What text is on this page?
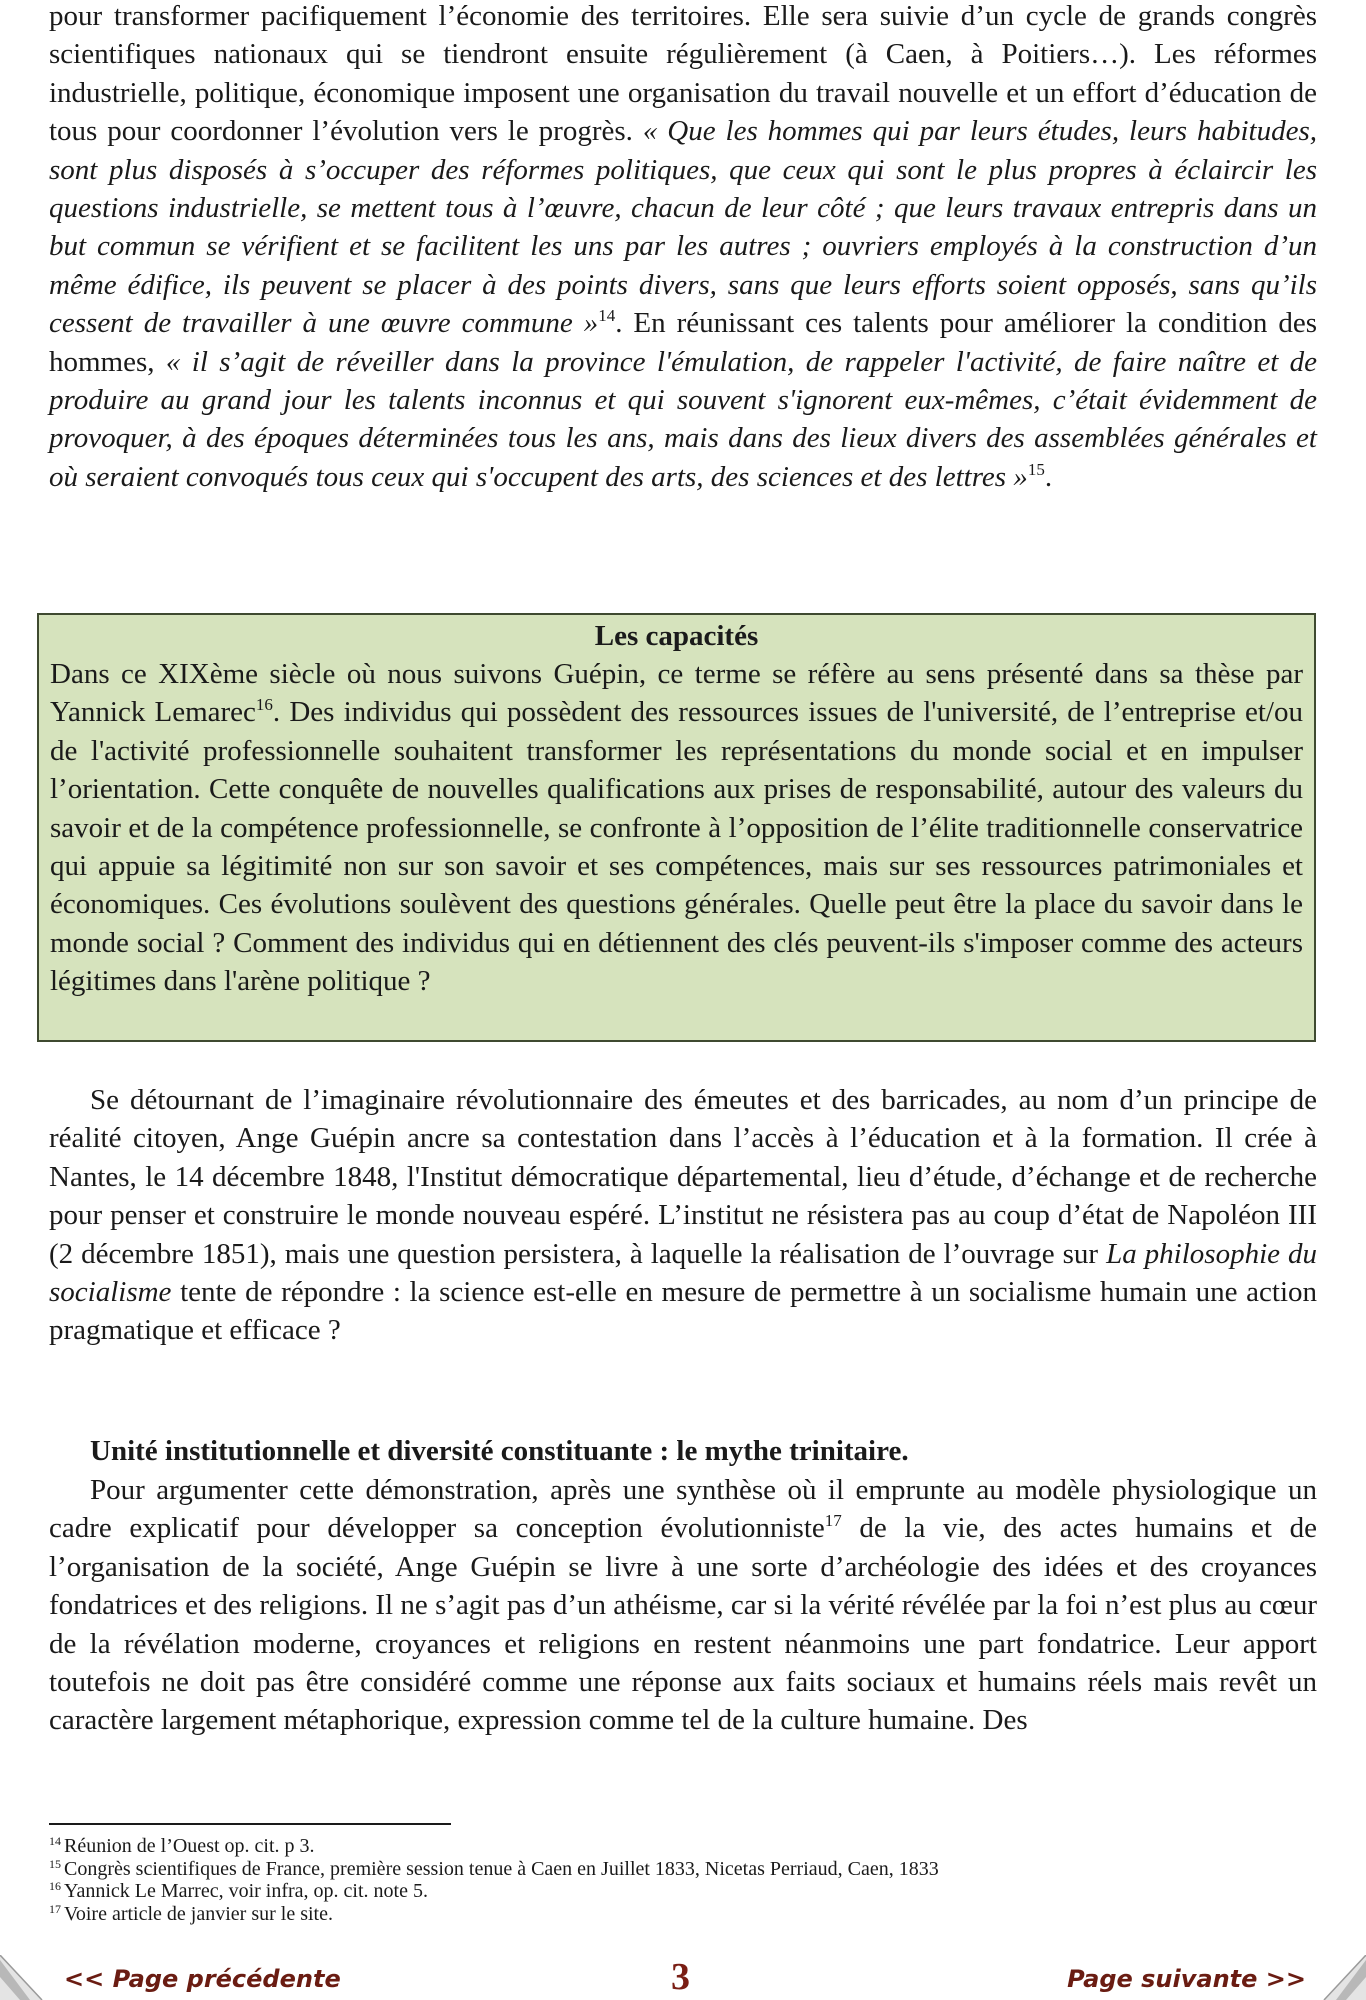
pour transformer pacifiquement l’économie des territoires. Elle sera suivie d’un cycle de grands congrès scientifiques nationaux qui se tiendront ensuite régulièrement (à Caen, à Poitiers…). Les réformes industrielle, politique, économique imposent une organisation du travail nouvelle et un effort d’éducation de tous pour coordonner l’évolution vers le progrès. « Que les hommes qui par leurs études, leurs habitudes, sont plus disposés à s’occuper des réformes politiques, que ceux qui sont le plus propres à éclaircir les questions industrielle, se mettent tous à l’œuvre, chacun de leur côté ; que leurs travaux entrepris dans un but commun se vérifient et se facilitent les uns par les autres ; ouvriers employés à la construction d’un même édifice, ils peuvent se placer à des points divers, sans que leurs efforts soient opposés, sans qu’ils cessent de travailler à une œuvre commune »$^{14}$. En réunissant ces talents pour améliorer la condition des hommes, « il s’agit de réveiller dans la province l'émulation, de rappeler l'activité, de faire naître et de produire au grand jour les talents inconnus et qui souvent s'ignorent eux-mêmes, c’était évidemment de provoquer, à des époques déterminées tous les ans, mais dans des lieux divers des assemblées générales et où seraient convoqués tous ceux qui s'occupent des arts, des sciences et des lettres »$^{15}$.

Les capacités

Dans ce XIXème siècle où nous suivons Guépin, ce terme se réfère au sens présenté dans sa thèse par Yannick Lemarec$^{16}$. Des individus qui possèdent des ressources issues de l'université, de l’entreprise et/ou de l'activité professionnelle souhaitent transformer les représentations du monde social et en impulser l’orientation. Cette conquête de nouvelles qualifications aux prises de responsabilité, autour des valeurs du savoir et de la compétence professionnelle, se confronte à l’opposition de l’élite traditionnelle conservatrice qui appuie sa légitimité non sur son savoir et ses compétences, mais sur ses ressources patrimoniales et économiques. Ces évolutions soulèvent des questions générales. Quelle peut être la place du savoir dans le monde social ? Comment des individus qui en détiennent des clés peuvent-ils s'imposer comme des acteurs légitimes dans l'arène politique ?

Se détournant de l’imaginaire révolutionnaire des émeutes et des barricades, au nom d’un principe de réalité citoyen, Ange Guépin ancre sa contestation dans l’accès à l’éducation et à la formation. Il crée à Nantes, le 14 décembre 1848, l'Institut démocratique départemental, lieu d’étude, d’échange et de recherche pour penser et construire le monde nouveau espéré. L’institut ne résistera pas au coup d’état de Napoléon III (2 décembre 1851), mais une question persistera, à laquelle la réalisation de l’ouvrage sur La philosophie du socialisme tente de répondre : la science est-elle en mesure de permettre à un socialisme humain une action pragmatique et efficace ?

Unité institutionnelle et diversité constituante : le mythe trinitaire.

Pour argumenter cette démonstration, après une synthèse où il emprunte au modèle physiologique un cadre explicatif pour développer sa conception évolutionniste$^{17}$ de la vie, des actes humains et de l’organisation de la société, Ange Guépin se livre à une sorte d’archéologie des idées et des croyances fondatrices et des religions. Il ne s’agit pas d’un athéisme, car si la vérité révélée par la foi n’est plus au cœur de la révélation moderne, croyances et religions en restent néanmoins une part fondatrice. Leur apport toutefois ne doit pas être considéré comme une réponse aux faits sociaux et humains réels mais revêt un caractère largement métaphorique, expression comme tel de la culture humaine. Des

$^{14}$ Réunion de l’Ouest op. cit. p 3.
$^{15}$ Congrès scientifiques de France, première session tenue à Caen en Juillet 1833, Nicetas Perriaud, Caen, 1833
$^{16}$ Yannick Le Marrec, voir infra, op. cit. note 5.
$^{17}$ Voire article de janvier sur le site.
<< Page précédente	3	Page suivante >>
